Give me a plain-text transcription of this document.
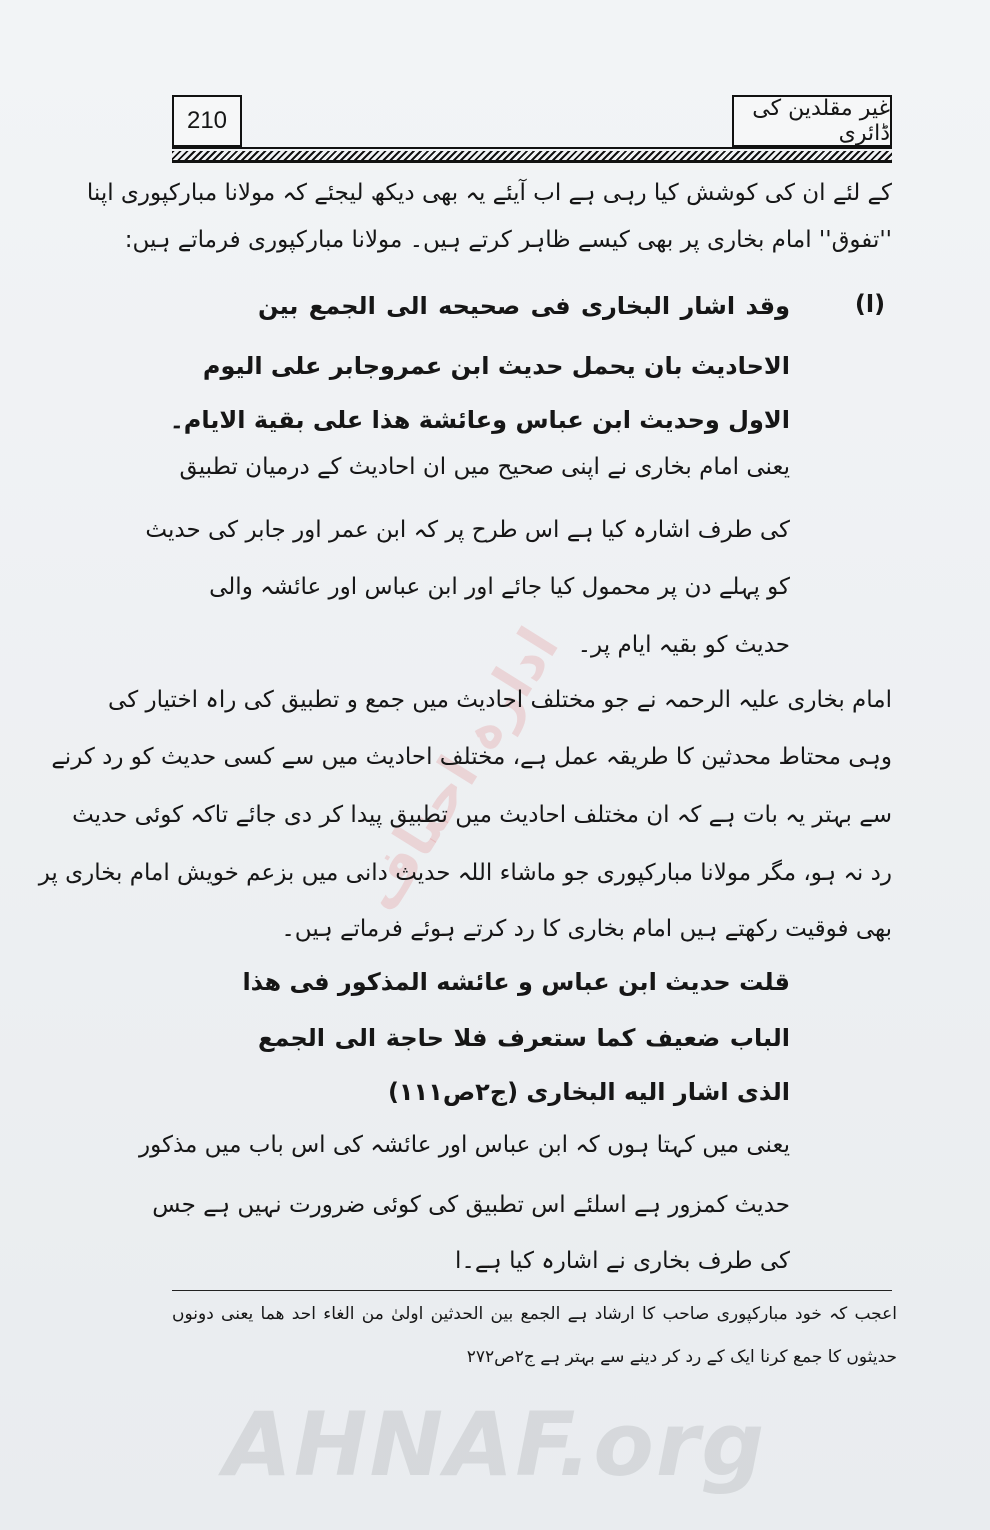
210	غیر مقلدین کی ڈائری
ادارہ احناف
کے لئے ان کی کوشش کیا رہی ہے اب آیئے یہ بھی دیکھ لیجئے کہ مولانا مبارکپوری اپنا
''تفوق'' امام بخاری پر بھی کیسے ظاہر کرتے ہیں۔ مولانا مبارکپوری فرماتے ہیں:
(ا)
وقد اشار البخاری فی صحیحه الی الجمع بین
الاحادیث بان یحمل حدیث ابن عمروجابر علی الیوم
الاول وحدیث ابن عباس وعائشة هذا علی بقیة الایام۔
یعنی امام بخاری نے اپنی صحیح میں ان احادیث کے درمیان تطبیق
کی طرف اشارہ کیا ہے اس طرح پر کہ ابن عمر اور جابر کی حدیث
کو پہلے دن پر محمول کیا جائے اور ابن عباس اور عائشہ والی
حدیث کو بقیہ ایام پر۔
امام بخاری علیہ الرحمہ نے جو مختلف احادیث میں جمع و تطبیق کی راہ اختیار کی
وہی محتاط محدثین کا طریقہ عمل ہے، مختلف احادیث میں سے کسی حدیث کو رد کرنے
سے بہتر یہ بات ہے کہ ان مختلف احادیث میں تطبیق پیدا کر دی جائے تاکہ کوئی حدیث
رد نہ ہو، مگر مولانا مبارکپوری جو ماشاء اللہ حدیث دانی میں بزعم خویش امام بخاری پر
بھی فوقیت رکھتے ہیں امام بخاری کا رد کرتے ہوئے فرماتے ہیں۔
قلت حدیث ابن عباس و عائشه المذکور فی هذا
الباب ضعیف کما ستعرف فلا حاجة الی الجمع
الذی اشار الیه البخاری (ج۲ص۱۱۱)
یعنی میں کہتا ہوں کہ ابن عباس اور عائشہ کی اس باب میں مذکور
حدیث کمزور ہے اسلئے اس تطبیق کی کوئی ضرورت نہیں ہے جس
کی طرف بخاری نے اشارہ کیا ہے۔ا
اعجب کہ خود مبارکپوری صاحب کا ارشاد ہے الجمع بین الحدثین اولیٰ من الغاء احد هما یعنی دونوں
حدیثوں کا جمع کرنا ایک کے رد کر دینے سے بہتر ہے ج۲ص۲۷۲
AHNAF.org
